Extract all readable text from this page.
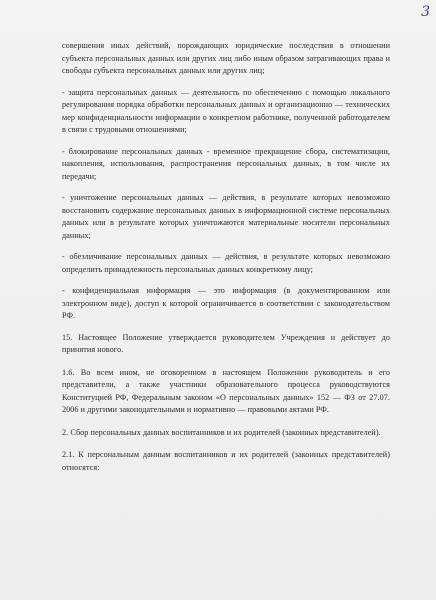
3

совершения иных действий, порождающих юридические последствия в отношении субъекта персональных данных или других лиц либо иным образом затрагивающих права и свободы субъекта персональных данных или других лиц;

- защита персональных данных — деятельность по обеспечению с помощью локального регулирования порядка обработки персональных данных и организационно — технических мер конфиденциальности информации о конкретном работнике, полученной работодателем в связи с трудовыми отношениями;

- блокирование персональных данных - временное прекращение сбора, систематизации, накопления, использования, распространения персональных данных, в том числе их передачи;

- уничтожение персональных данных — действия, в результате которых невозможно восстановить содержание персональных данных в информационной системе персональных данных или в результате которых уничтожаются материальные носители персональных данных;

- обезличивание персональных данных — действия, в результате которых невозможно определить принадлежность персональных данных конкретному лицу;

- конфиденциальная информация — это информация (в документированном или электронном виде), доступ к которой ограничивается в соответствии с законодательством РФ.

15. Настоящее Положение утверждается руководителем Учреждения и действует до принятия нового.

1.6. Во всем ином, не оговоренном в настоящем Положении руководитель и его представители, а также участники образовательного процесса руководствуются Конституцией РФ, Федеральным законом «О персональных данных» 152 — ФЗ от 27.07. 2006 и другими законодательными и нормативно — правовыми актами РФ.

2. Сбор персональных данных воспитанников и их родителей (законных представителей).

2.1. К персональным данным воспитанников и их родителей (законных представителей) относятся:
